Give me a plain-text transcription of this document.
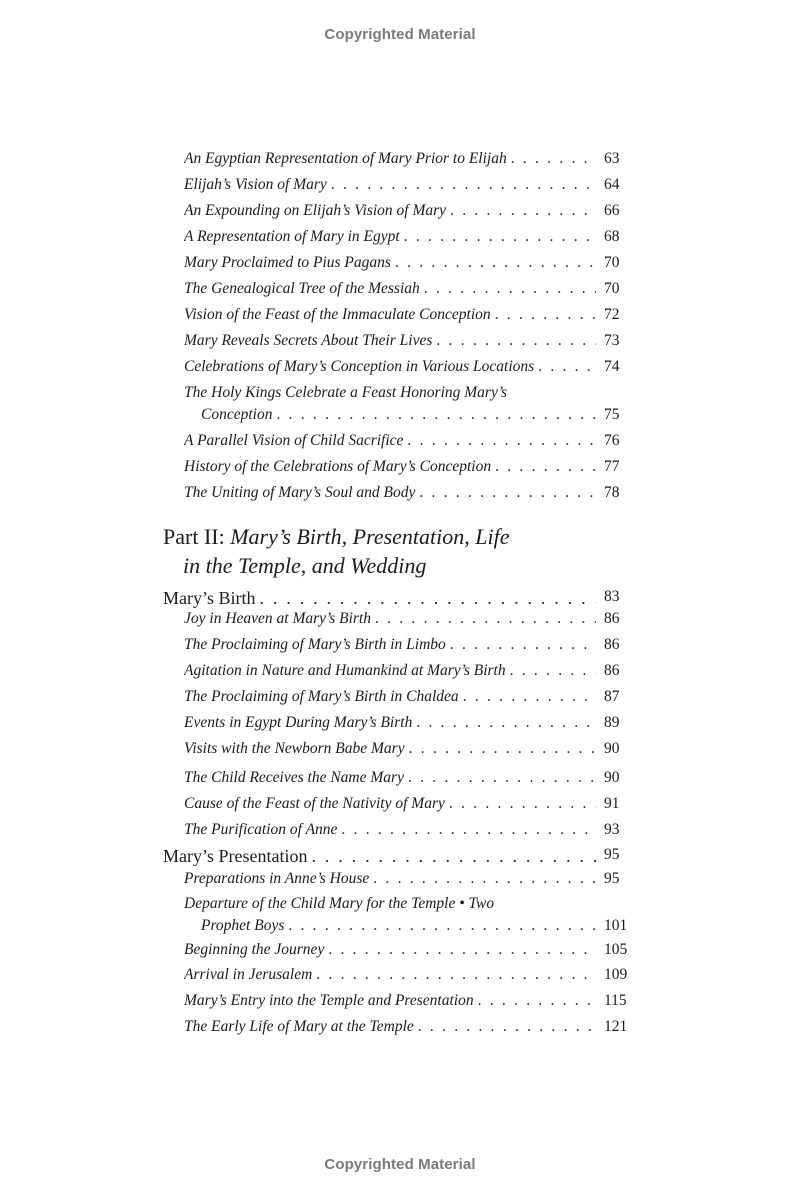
Copyrighted Material
An Egyptian Representation of Mary Prior to Elijah . . .	63
Elijah’s Vision of Mary . . .	64
An Expounding on Elijah’s Vision of Mary . . .	66
A Representation of Mary in Egypt . . .	68
Mary Proclaimed to Pius Pagans . . .	70
The Genealogical Tree of the Messiah . . .	70
Vision of the Feast of the Immaculate Conception . . .	72
Mary Reveals Secrets About Their Lives . . .	73
Celebrations of Mary’s Conception in Various Locations . . .	74
The Holy Kings Celebrate a Feast Honoring Mary’s
Conception . . .	75
A Parallel Vision of Child Sacrifice . . .	76
History of the Celebrations of Mary’s Conception . . .	77
The Uniting of Mary’s Soul and Body . . .	78
Part II: Mary’s Birth, Presentation, Life
in the Temple, and Wedding
Mary’s Birth . . .	83
Joy in Heaven at Mary’s Birth . . .	86
The Proclaiming of Mary’s Birth in Limbo . . .	86
Agitation in Nature and Humankind at Mary’s Birth . . .	86
The Proclaiming of Mary’s Birth in Chaldea . . .	87
Events in Egypt During Mary’s Birth . . .	89
Visits with the Newborn Babe Mary . . .	90
The Child Receives the Name Mary . . .	90
Cause of the Feast of the Nativity of Mary . . .	91
The Purification of Anne . . .	93
Mary’s Presentation . . .	95
Preparations in Anne’s House . . .	95
Departure of the Child Mary for the Temple • Two
Prophet Boys . . .	101
Beginning the Journey . . .	105
Arrival in Jerusalem . . .	109
Mary’s Entry into the Temple and Presentation . . .	115
The Early Life of Mary at the Temple . . .	121
Copyrighted Material
